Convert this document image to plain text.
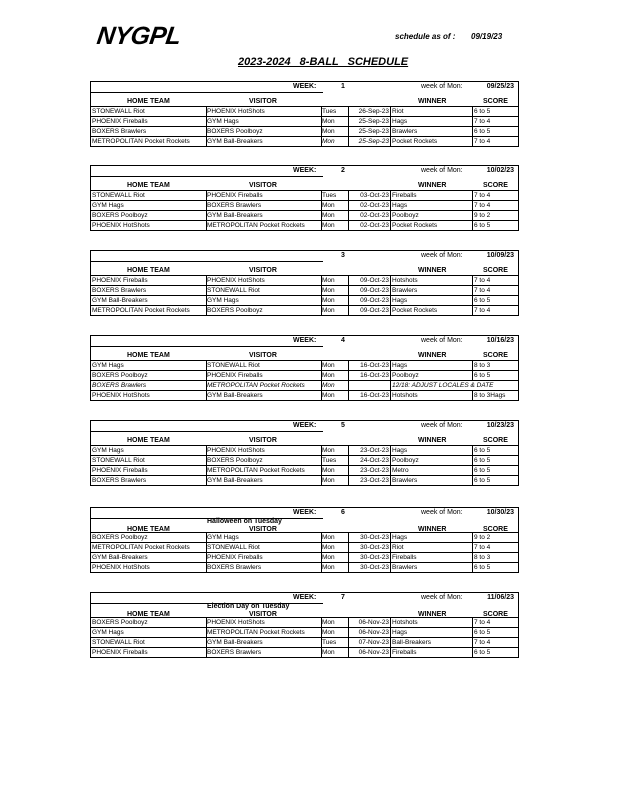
NYGPL	schedule as of : 09/19/23
2023-2024 8-BALL SCHEDULE
WEEK:	1	week of Mon:	09/25/23
HOME TEAM	VISITOR	WINNER	SCORE
STONEWALL Riot	PHOENIX HotShots	Tues	26-Sep-23 Riot	6 to 5
PHOENIX Fireballs	GYM Hags	Mon	25-Sep-23 Hags	7 to 4
BOXERS Brawlers	BOXERS Poolboyz	Mon	25-Sep-23 Brawlers	6 to 5
METROPOLITAN Pocket Rockets	GYM Ball-Breakers	Mon	25-Sep-23 Pocket Rockets	7 to 4
WEEK:	2	week of Mon:	10/02/23
HOME TEAM	VISITOR	WINNER	SCORE
STONEWALL Riot	PHOENIX Fireballs	Tues	03-Oct-23 Fireballs	7 to 4
GYM Hags	BOXERS Brawlers	Mon	02-Oct-23 Hags	7 to 4
BOXERS Poolboyz	GYM Ball-Breakers	Mon	02-Oct-23 Poolboyz	9 to 2
PHOENIX HotShots	METROPOLITAN Pocket Rockets	Mon	02-Oct-23 Pocket Rockets	6 to 5
3	week of Mon:	10/09/23
HOME TEAM	VISITOR	WINNER	SCORE
PHOENIX Fireballs	PHOENIX HotShots	Mon	09-Oct-23 Hotshots	7 to 4
BOXERS Brawlers	STONEWALL Riot	Mon	09-Oct-23 Brawlers	7 to 4
GYM Ball-Breakers	GYM Hags	Mon	09-Oct-23 Hags	6 to 5
METROPOLITAN Pocket Rockets	BOXERS Poolboyz	Mon	09-Oct-23 Pocket Rockets	7 to 4
WEEK:	4	week of Mon:	10/16/23
HOME TEAM	VISITOR	WINNER	SCORE
GYM Hags	STONEWALL Riot	Mon	16-Oct-23 Hags	8 to 3
BOXERS Poolboyz	PHOENIX Fireballs	Mon	16-Oct-23 Poolboyz	6 to 5
BOXERS Brawlers	METROPOLITAN Pocket Rockets	Mon	12/18: ADJUST LOCALES & DATE
PHOENIX HotShots	GYM Ball-Breakers	Mon	16-Oct-23 Hotshots	8 to 3Hags
WEEK:	5	week of Mon:	10/23/23
HOME TEAM	VISITOR	WINNER	SCORE
GYM Hags	PHOENIX HotShots	Mon	23-Oct-23 Hags	6 to 5
STONEWALL Riot	BOXERS Poolboyz	Tues	24-Oct-23 Poolboyz	6 to 5
PHOENIX Fireballs	METROPOLITAN Pocket Rockets	Mon	23-Oct-23 Metro	6 to 5
BOXERS Brawlers	GYM Ball-Breakers	Mon	23-Oct-23 Brawlers	6 to 5
WEEK:	6	week of Mon:	10/30/23
Halloween on Tuesday
HOME TEAM	VISITOR	WINNER	SCORE
BOXERS Poolboyz	GYM Hags	Mon	30-Oct-23 Hags	9 to 2
METROPOLITAN Pocket Rockets	STONEWALL Riot	Mon	30-Oct-23 Riot	7 to 4
GYM Ball-Breakers	PHOENIX Fireballs	Mon	30-Oct-23 Fireballs	8 to 3
PHOENIX HotShots	BOXERS Brawlers	Mon	30-Oct-23 Brawlers	6 to 5
WEEK:	7	week of Mon:	11/06/23
Election Day on Tuesday
HOME TEAM	VISITOR	WINNER	SCORE
BOXERS Poolboyz	PHOENIX HotShots	Mon	06-Nov-23 Hotshots	7 to 4
GYM Hags	METROPOLITAN Pocket Rockets	Mon	06-Nov-23 Hags	6 to 5
STONEWALL Riot	GYM Ball-Breakers	Tues	07-Nov-23 Ball-Breakers	7 to 4
PHOENIX Fireballs	BOXERS Brawlers	Mon	06-Nov-23 Fireballs	6 to 5
